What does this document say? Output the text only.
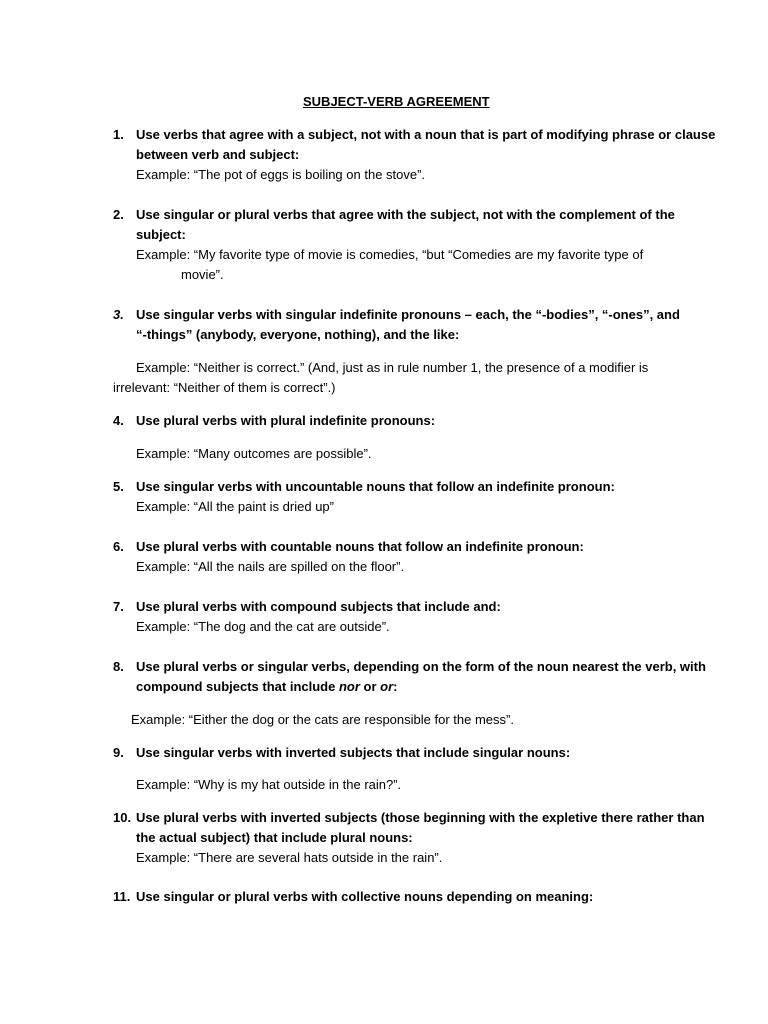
SUBJECT-VERB AGREEMENT
1. Use verbs that agree with a subject, not with a noun that is part of modifying phrase or clause
between verb and subject:
Example: “The pot of eggs is boiling on the stove”.
2. Use singular or plural verbs that agree with the subject, not with the complement of the
subject:
Example: “My favorite type of movie is comedies, “but “Comedies are my favorite type of
movie”.
3. Use singular verbs with singular indefinite pronouns – each, the “-bodies”, “-ones”, and
“-things” (anybody, everyone, nothing), and the like:
Example: “Neither is correct.” (And, just as in rule number 1, the presence of a modifier is
irrelevant: “Neither of them is correct”.)
4. Use plural verbs with plural indefinite pronouns:
Example: “Many outcomes are possible”.
5. Use singular verbs with uncountable nouns that follow an indefinite pronoun:
Example: “All the paint is dried up”
6. Use plural verbs with countable nouns that follow an indefinite pronoun:
Example: “All the nails are spilled on the floor”.
7. Use plural verbs with compound subjects that include and:
Example: “The dog and the cat are outside”.
8. Use plural verbs or singular verbs, depending on the form of the noun nearest the verb, with
compound subjects that include nor or or:
Example: “Either the dog or the cats are responsible for the mess”.
9. Use singular verbs with inverted subjects that include singular nouns:
Example: “Why is my hat outside in the rain?”.
10. Use plural verbs with inverted subjects (those beginning with the expletive there rather than
the actual subject) that include plural nouns:
Example: “There are several hats outside in the rain”.
11. Use singular or plural verbs with collective nouns depending on meaning:
